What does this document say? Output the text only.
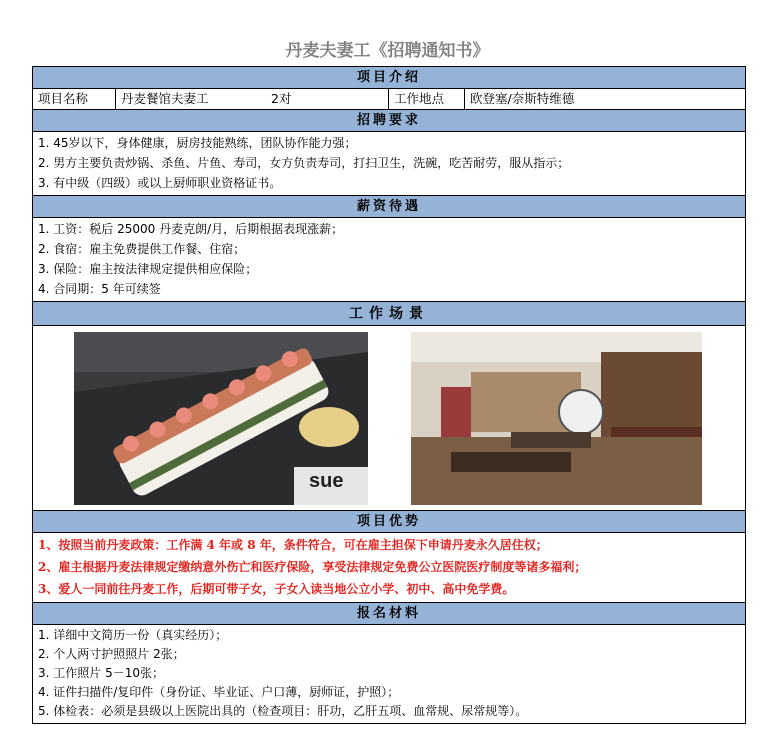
丹麦夫妻工《招聘通知书》
项目介绍
项目名称	丹麦餐馆夫妻工	2对	工作地点	欧登塞/奈斯特维德
招聘要求
1. 45岁以下，身体健康，厨房技能熟练，团队协作能力强；
2. 男方主要负责炒锅、杀鱼、片鱼、寿司，女方负责寿司，打扫卫生，洗碗，吃苦耐劳，服从指示；
3. 有中级（四级）或以上厨师职业资格证书。
薪资待遇
1. 工资：税后 25000 丹麦克朗/月，后期根据表现涨薪；
2. 食宿：雇主免费提供工作餐、住宿；
3. 保险：雇主按法律规定提供相应保险；
4. 合同期：5 年可续签
工作场景
sue
项目优势
1、按照当前丹麦政策：工作满 4 年或 8 年，条件符合，可在雇主担保下申请丹麦永久居住权；
2、雇主根据丹麦法律规定缴纳意外伤亡和医疗保险，享受法律规定免费公立医院医疗制度等诸多福利；
3、爱人一同前往丹麦工作，后期可带子女，子女入读当地公立小学、初中、高中免学费。
报名材料
1. 详细中文简历一份（真实经历）；
2. 个人两寸护照照片 2张；
3. 工作照片 5－10张；
4. 证件扫描件/复印件（身份证、毕业证、户口薄，厨师证，护照）；
5. 体检表：必须是县级以上医院出具的（检查项目：肝功，乙肝五项、血常规、尿常规等）。
